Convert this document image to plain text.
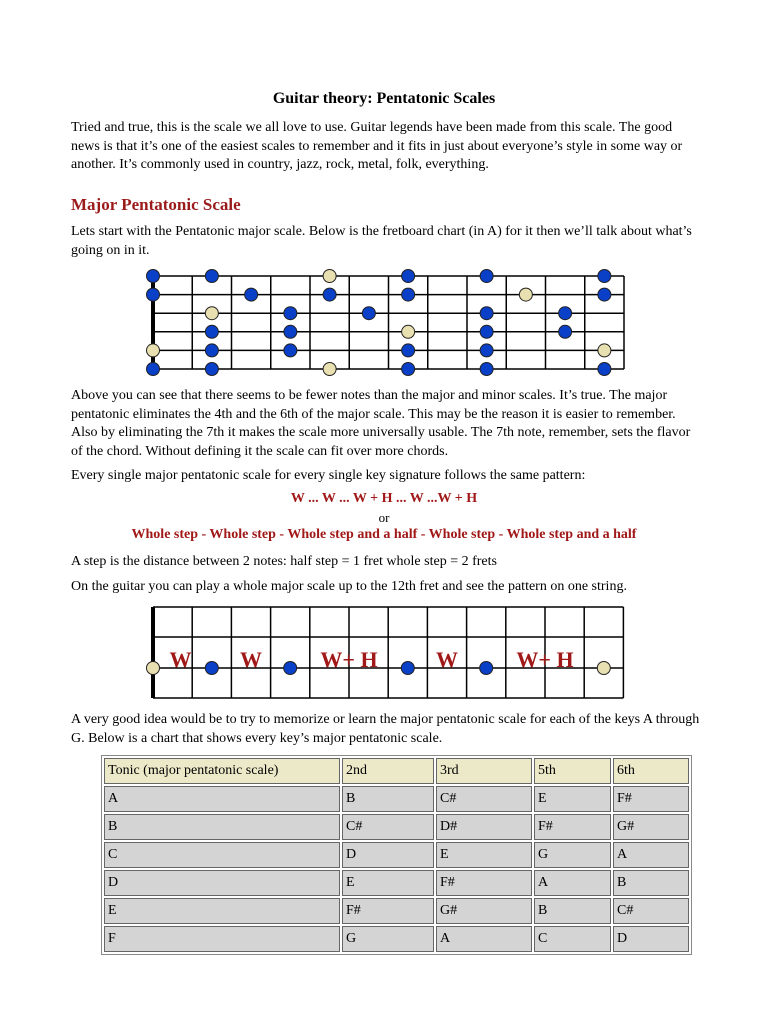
Guitar theory: Pentatonic Scales

Tried and true, this is the scale we all love to use. Guitar legends have been made from this scale. The good news is that it’s one of the easiest scales to remember and it fits in just about everyone’s style in some way or another. It’s commonly used in country, jazz, rock, metal, folk, everything.

Major Pentatonic Scale

Lets start with the Pentatonic major scale. Below is the fretboard chart (in A) for it then we’ll talk about what’s going on in it.

Above you can see that there seems to be fewer notes than the major and minor scales. It’s true. The major pentatonic eliminates the 4th and the 6th of the major scale. This may be the reason it is easier to remember. Also by eliminating the 7th it makes the scale more universally usable. The 7th note, remember, sets the flavor of the chord. Without defining it the scale can fit over more chords.

Every single major pentatonic scale for every single key signature follows the same pattern:

W ... W ... W + H ... W ...W + H

or

Whole step - Whole step - Whole step and a half - Whole step - Whole step and a half

A step is the distance between 2 notes: half step = 1 fret whole step = 2 frets

On the guitar you can play a whole major scale up to the 12th fret and see the pattern on one string.

W W	W+ H	W	W+ H

A very good idea would be to try to memorize or learn the major pentatonic scale for each of the keys A through G. Below is a chart that shows every key’s major pentatonic scale.

Tonic (major pentatonic scale)	2nd	3rd	5th	6th
A	B	C#	E	F#
B	C#	D#	F#	G#
C	D	E	G	A
D	E	F#	A	B
E	F#	G#	B	C#
F	G	A	C	D
